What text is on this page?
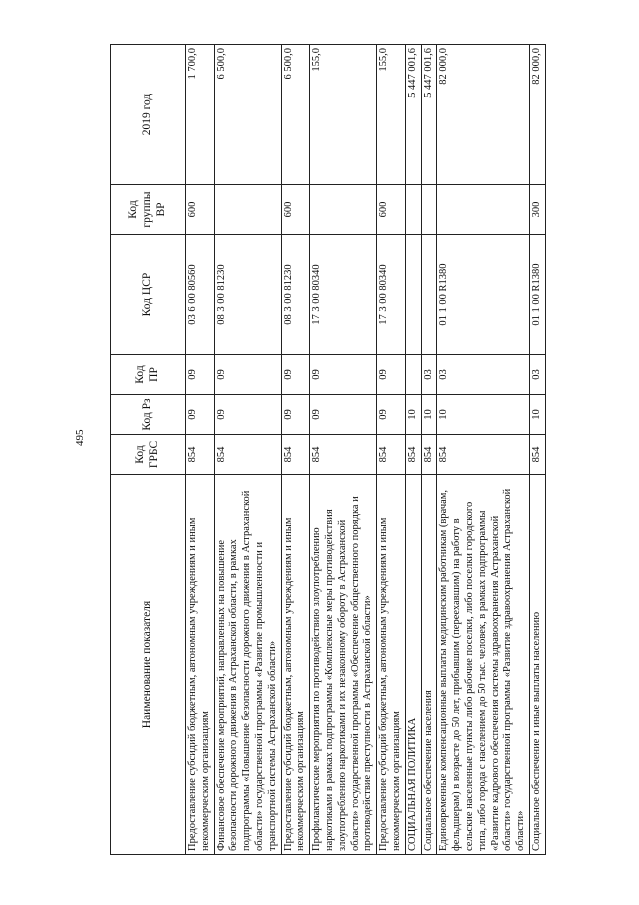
495
Наименование показателя	Код ГРБС	Код Рз	Код ПР	Код ЦСР	Код группы ВР	2019 год
Предоставление субсидий бюджетным, автономным учреждениям и иным некоммерческим организациям	854	09	09	03 6 00 80560	600	1 700,0
Финансовое обеспечение мероприятий, направленных на повышение безопасности дорожного движения в Астраханской области, в рамках подпрограммы «Повышение безопасности дорожного движения в Астраханской области» государственной программы «Развитие промышленности и транспортной системы Астраханской области»	854	09	09	08 3 00 81230		6 500,0
Предоставление субсидий бюджетным, автономным учреждениям и иным некоммерческим организациям	854	09	09	08 3 00 81230	600	6 500,0
Профилактические мероприятия по противодействию злоупотреблению наркотиками в рамках подпрограммы «Комплексные меры противодействия злоупотреблению наркотиками и их незаконному обороту в Астраханской области» государственной программы «Обеспечение общественного порядка и противодействие преступности в Астраханской области»	854	09	09	17 3 00 80340		155,0
Предоставление субсидий бюджетным, автономным учреждениям и иным некоммерческим организациям	854	09	09	17 3 00 80340	600	155,0
СОЦИАЛЬНАЯ ПОЛИТИКА	854	10				5 447 001,6
Социальное обеспечение населения	854	10	03			5 447 001,6
Единовременные компенсационные выплаты медицинским работникам (врачам, фельдшерам) в возрасте до 50 лет, прибывшим (переехавшим) на работу в сельские населенные пункты либо рабочие поселки, либо поселки городского типа, либо города с населением до 50 тыс. человек, в рамках подпрограммы «Развитие кадрового обеспечения системы здравоохранения Астраханской области» государственной программы «Развитие здравоохранения Астраханской области»	854	10	03	01 1 00 R1380		82 000,0
Социальное обеспечение и иные выплаты населению	854	10	03	01 1 00 R1380	300	82 000,0
